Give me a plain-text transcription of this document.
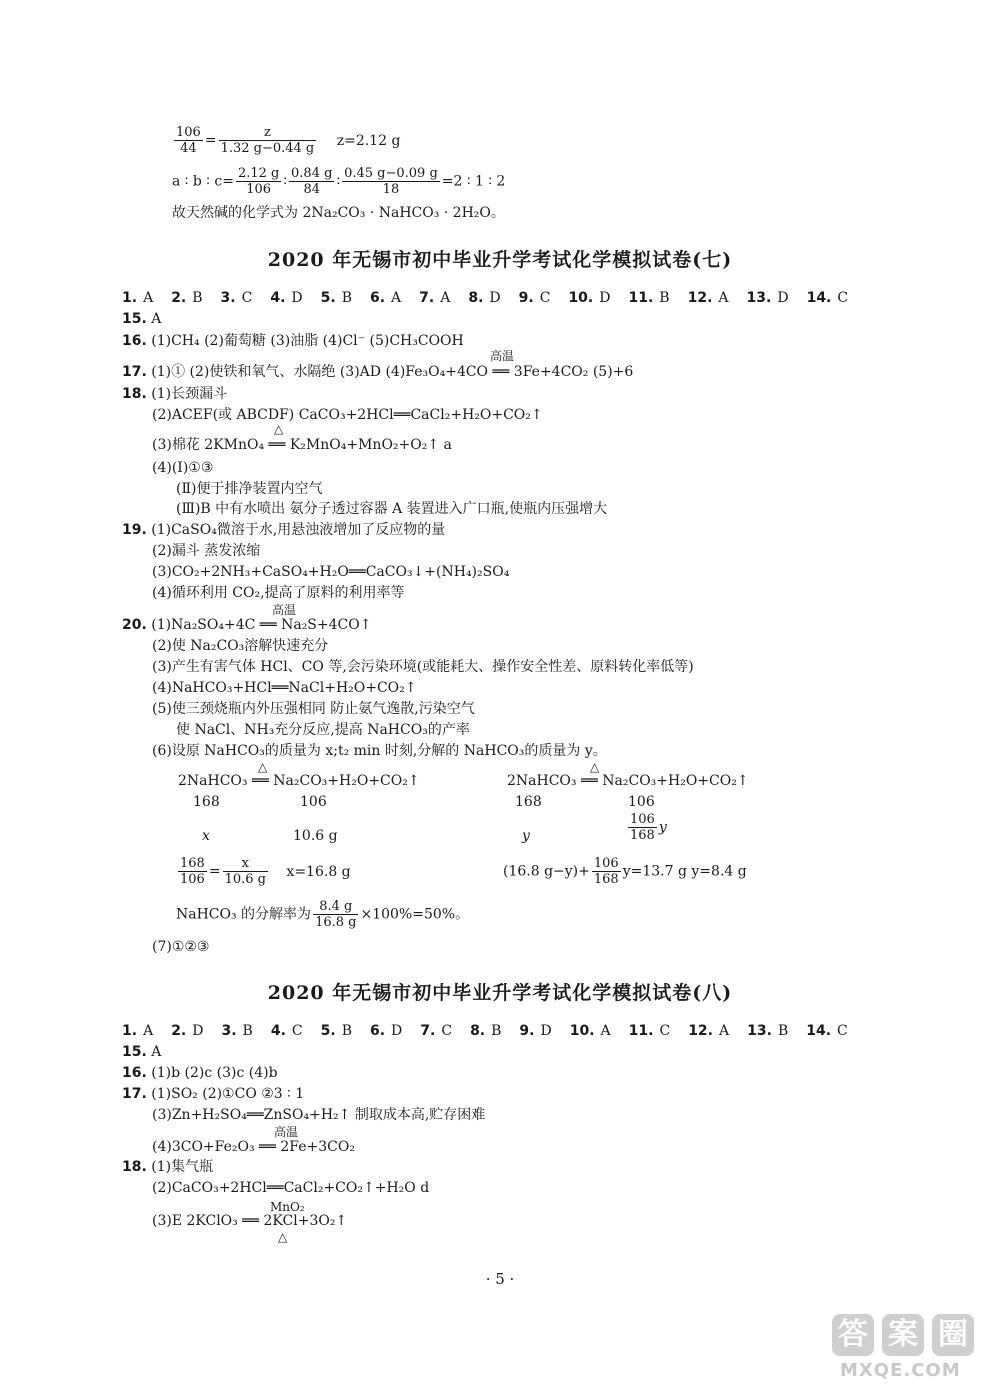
$\frac{106}{44} = \frac{z}{1.32 g-0.44 g} z=2.12$ g
a ∶ b ∶ $c= \frac{2.12 g}{106}$ ∶ $\frac{0.84 g}{84}$ ∶ $\frac{0.45 g-0.09 g}{18} =2$ ∶ 1 ∶ 2
故天然碱的化学式为 2Na₂CO₃ · NaHCO₃ · 2H₂O。
2020 年无锡市初中毕业升学考试化学模拟试卷(七)
1. A 2. B 3. C 4. D 5. B 6. A 7. A 8. D 9. C 10. D 11. B 12. A 13. D 14. C
15. A
16. (1)CH₄ (2)葡萄糖 (3)油脂 (4)Cl⁻ (5)CH₃COOH
高温
17. (1)① (2)使铁和氧气、水隔绝 (3)AD (4)Fe₃O₄+4CO ══ 3Fe+4CO₂ (5)+6
18. (1)长颈漏斗
(2)ACEF(或 ABCDF) CaCO₃+2HCl══CaCl₂+H₂O+CO₂↑
△
(3)棉花 2KMnO₄ ══ K₂MnO₄+MnO₂+O₂↑ a
(4)(Ⅰ)①③
(Ⅱ)便于排净装置内空气
(Ⅲ)B 中有水喷出 氨分子透过容器 A 装置进入广口瓶,使瓶内压强增大
19. (1)CaSO₄微溶于水,用悬浊液增加了反应物的量
(2)漏斗 蒸发浓缩
(3)CO₂+2NH₃+CaSO₄+H₂O══CaCO₃↓+(NH₄)₂SO₄
(4)循环利用 CO₂,提高了原料的利用率等
高温
20. (1)Na₂SO₄+4C ══ Na₂S+4CO↑
(2)使 Na₂CO₃溶解快速充分
(3)产生有害气体 HCl、CO 等,会污染环境(或能耗大、操作安全性差、原料转化率低等)
(4)NaHCO₃+HCl══NaCl+H₂O+CO₂↑
(5)使三颈烧瓶内外压强相同 防止氨气逸散,污染空气
使 NaCl、NH₃充分反应,提高 NaHCO₃的产率
(6)设原 NaHCO₃的质量为 x;t₂ min 时刻,分解的 NaHCO₃的质量为 y。
△
2NaHCO₃ ══ Na₂CO₃+H₂O+CO₂↑
△
2NaHCO₃ ══ Na₂CO₃+H₂O+CO₂↑
168	106	168	106
x	10.6 g	y	$\frac{106}{168}$ y
$\frac{168}{106} = \frac{x}{10.6 g} x=16.8$ g	(16.8 $g-y)+ \frac{106}{168} y=13.7$ g y=8.4 g
NaHCO₃ 的分解率为 $\frac{8.4 g}{16.8 g} \times 100\%=50\%$。
(7)①②③
2020 年无锡市初中毕业升学考试化学模拟试卷(八)
1. A 2. D 3. B 4. C 5. B 6. D 7. C 8. B 9. D 10. A 11. C 12. A 13. B 14. C
15. A
16. (1)b (2)c (3)c (4)b
17. (1)SO₂ (2)①CO ②3 ∶ 1
(3)Zn+H₂SO₄══ZnSO₄+H₂↑ 制取成本高,贮存困难
高温
(4)3CO+Fe₂O₃ ══ 2Fe+3CO₂
18. (1)集气瓶
(2)CaCO₃+2HCl══CaCl₂+CO₂↑+H₂O d
MnO₂
(3)E 2KClO₃ ══ 2KCl+3O₂↑
△
· 5 ·
答 案 圈
MXQE.COM
